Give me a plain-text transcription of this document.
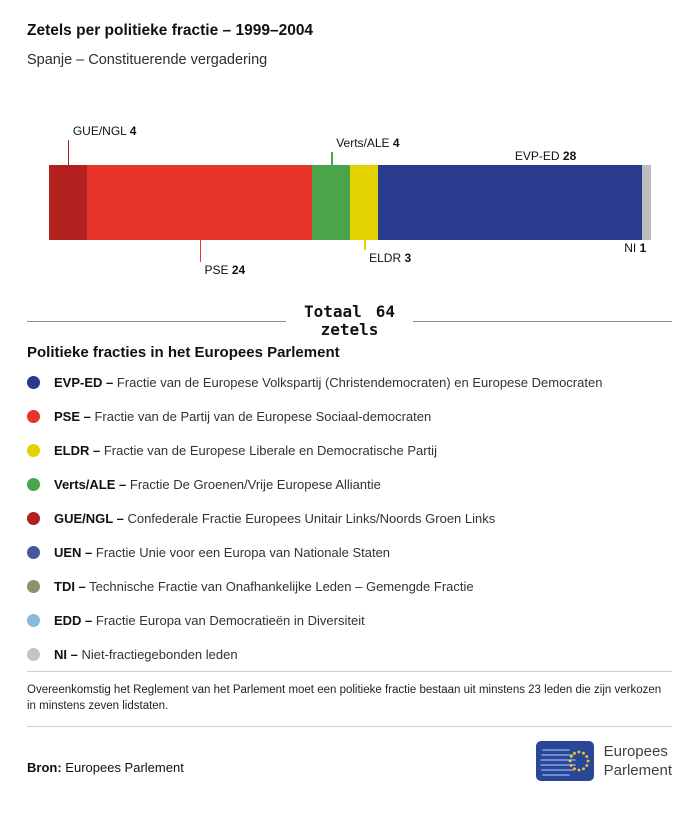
Zetels per politieke fractie – 1999–2004

Spanje – Constituerende vergadering

GUE/NGL 4
PSE 24
Verts/ALE 4
ELDR 3
EVP-ED 28
NI 1
Totaal 64
zetels
Politieke fracties in het Europees Parlement
EVP-ED – Fractie van de Europese Volkspartij (Christendemocraten) en Europese Democraten
PSE – Fractie van de Partij van de Europese Sociaal-democraten
ELDR – Fractie van de Europese Liberale en Democratische Partij
Verts/ALE – Fractie De Groenen/Vrije Europese Alliantie
GUE/NGL – Confederale Fractie Europees Unitair Links/Noords Groen Links
UEN – Fractie Unie voor een Europa van Nationale Staten
TDI – Technische Fractie van Onafhankelijke Leden – Gemengde Fractie
EDD – Fractie Europa van Democratieën in Diversiteit
NI – Niet-fractiegebonden leden

Overeenkomstig het Reglement van het Parlement moet een politieke fractie bestaan uit minstens 23 leden die zijn verkozen in minstens zeven lidstaten.

Bron: Europees Parlement
Europees
Parlement
